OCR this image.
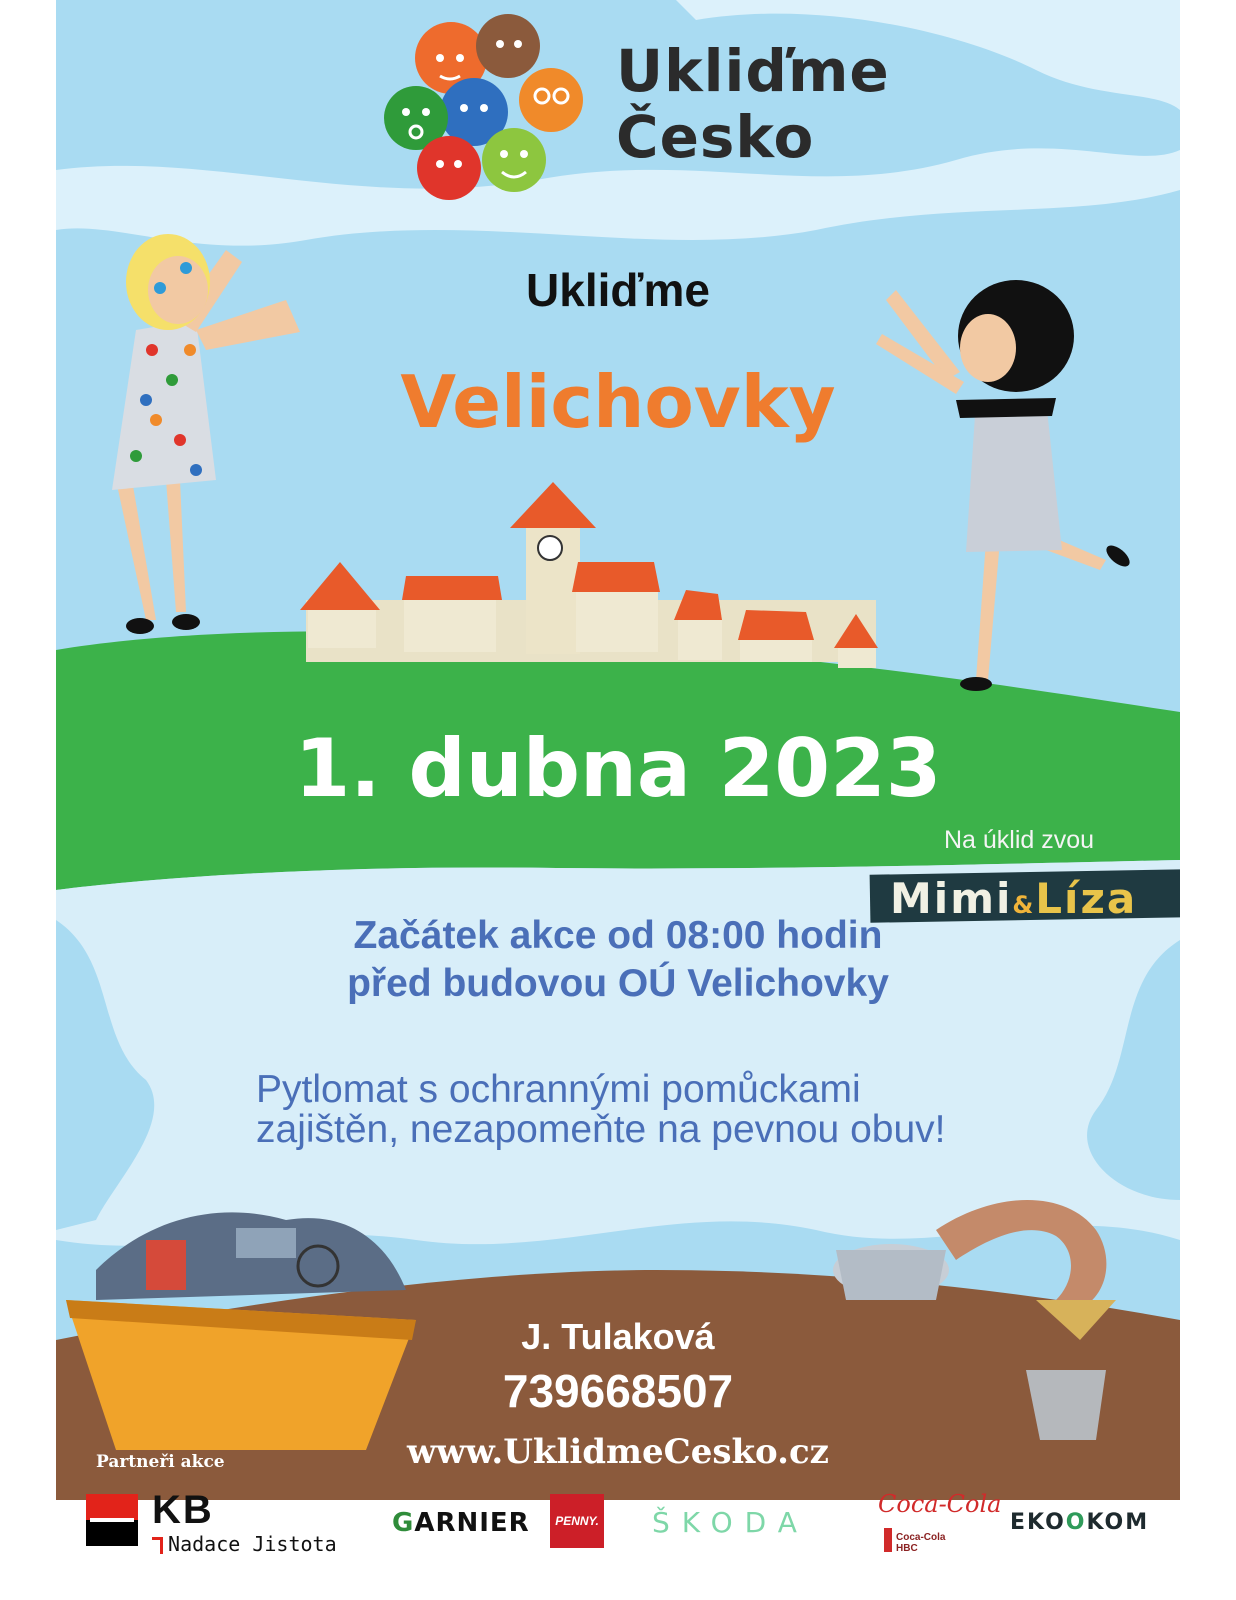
Ukliďme
Česko

Ukliďme

Velichovky

1. dubna 2023

Na úklid zvou

Mimi&Líza

Začátek akce od 08:00 hodin
před budovou OÚ Velichovky

Pytlomat s ochrannými pomůckami zajištěn, nezapomeňte na pevnou obuv!

J. Tulaková

739668507

www.UklidmeCesko.cz

Partneři akce

KB

Nadace Jistota

GARNIER	PENNY. ŠKODA

Coca-Cola

Coca-Cola HBC

EKOOKOM
